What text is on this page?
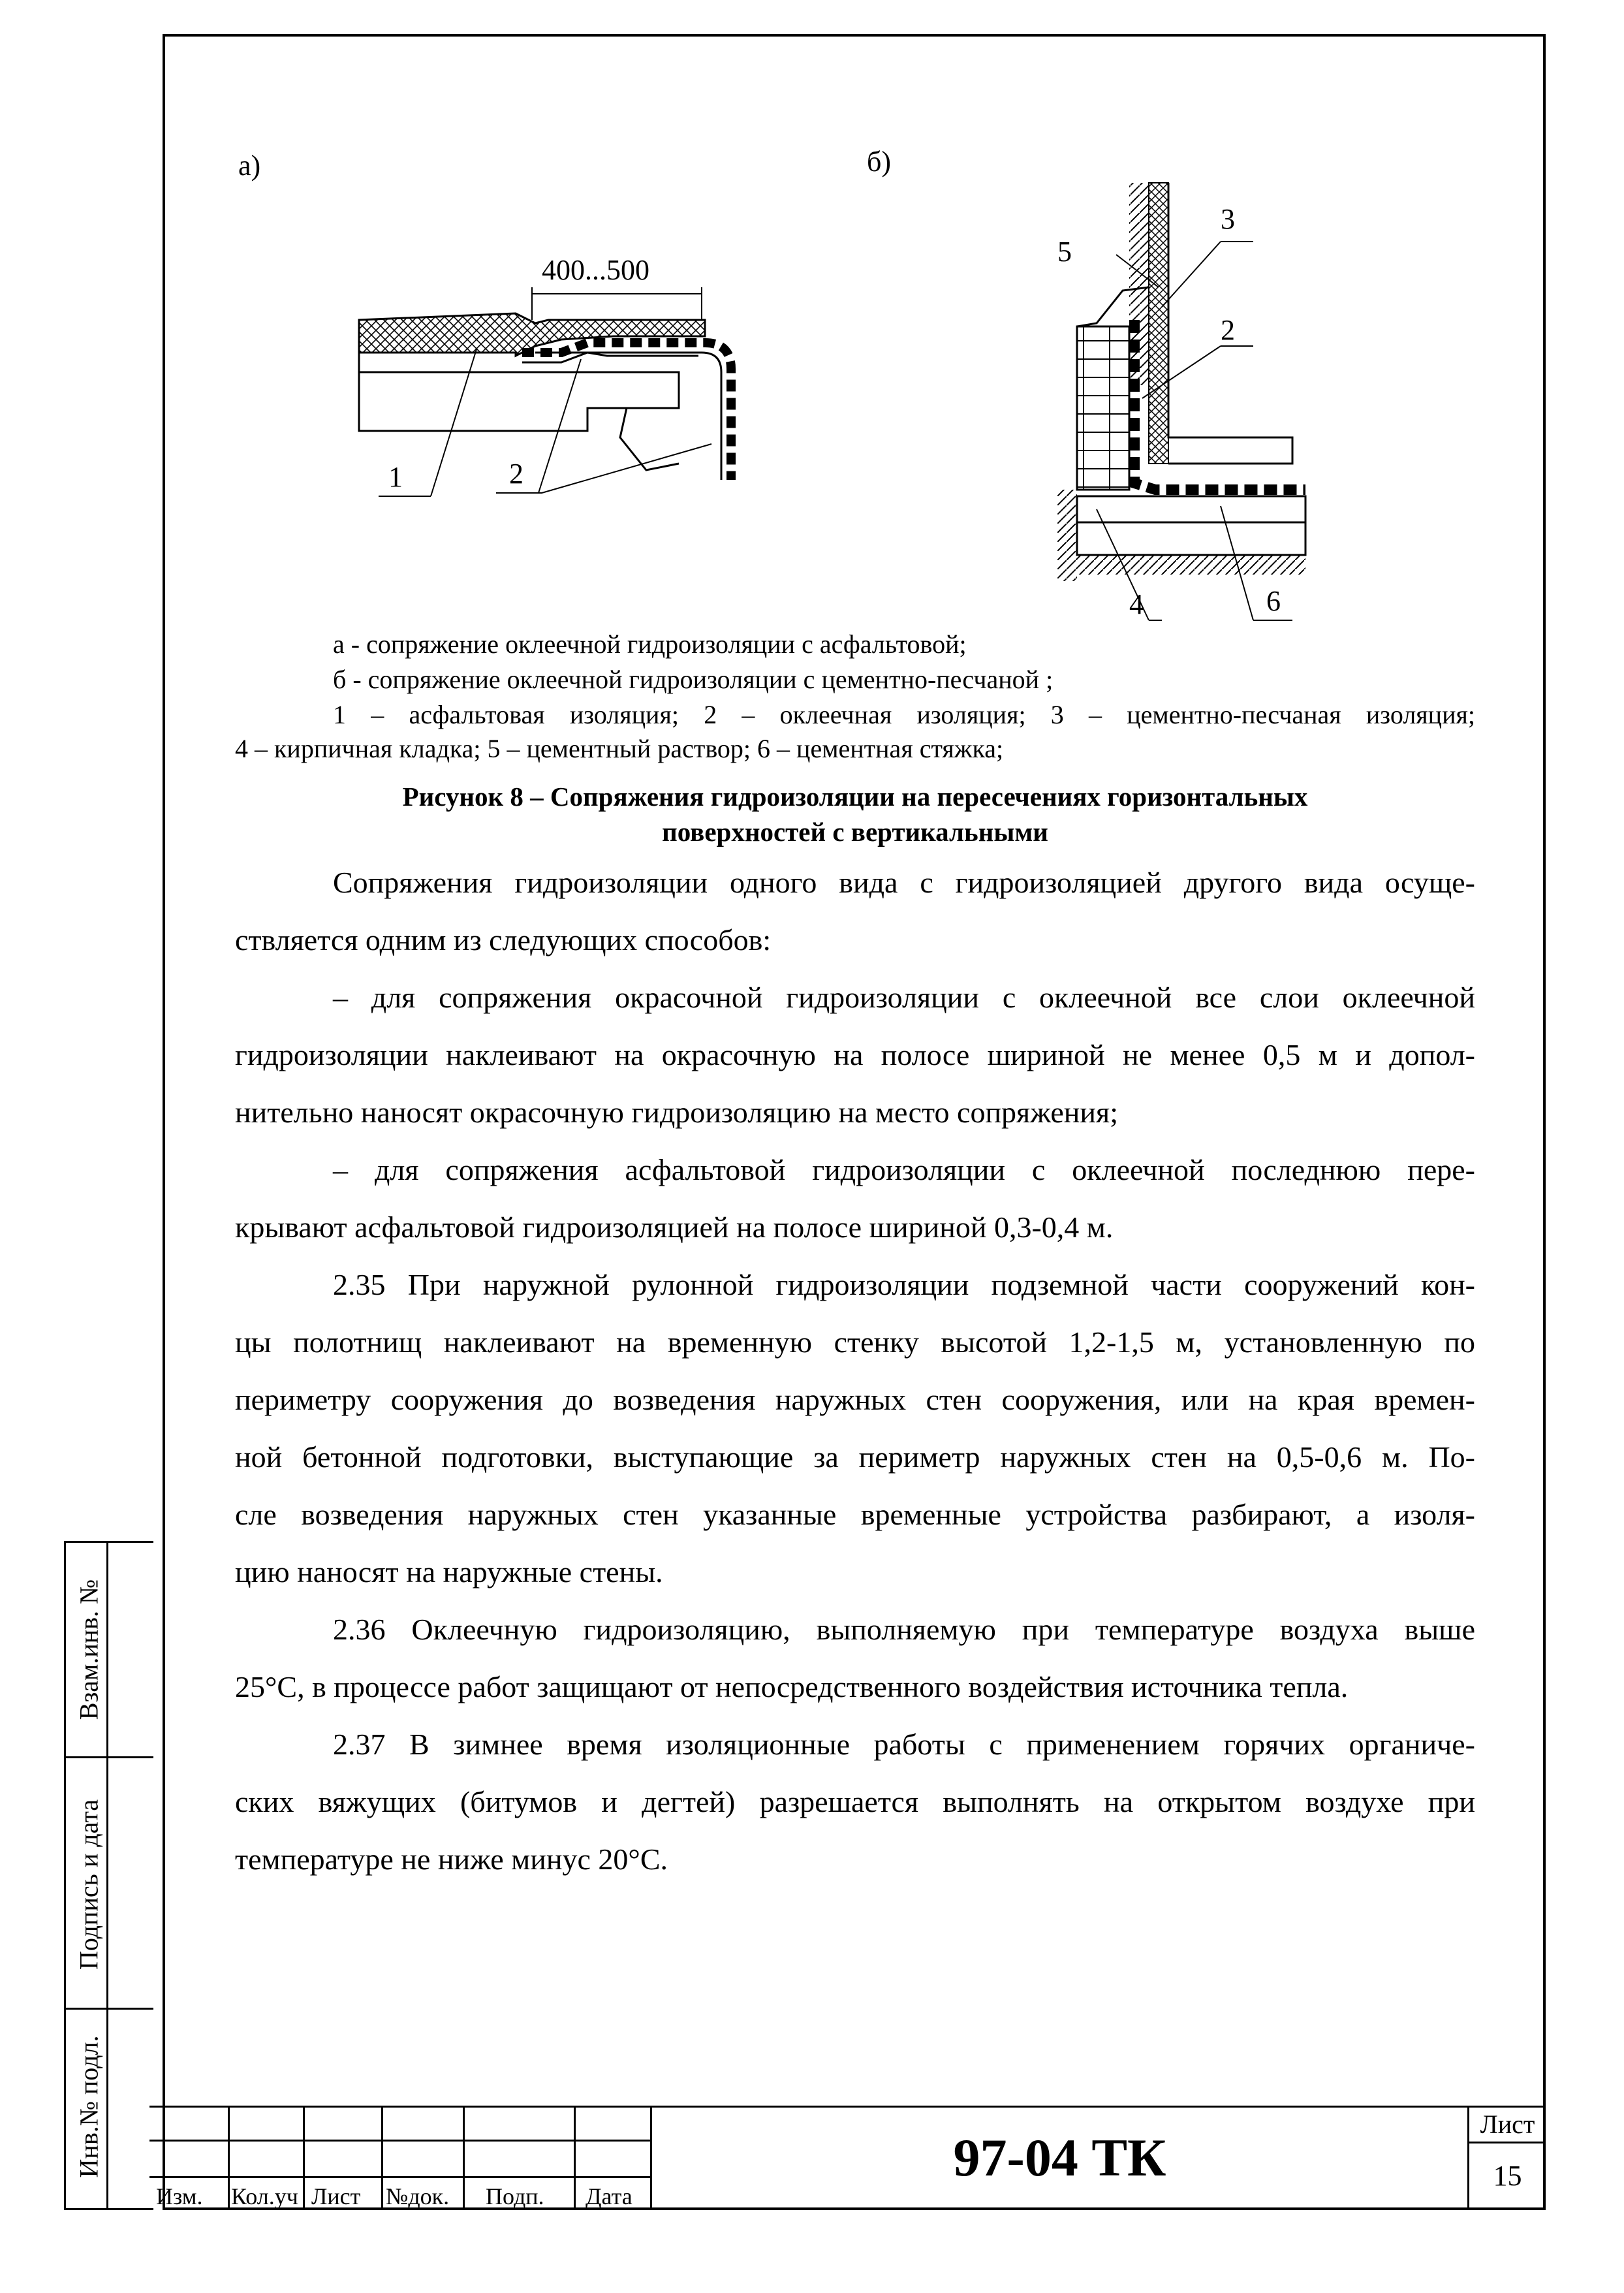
Взам.инв. №
Подпись и дата
Инв.№ подл.
а)	б)
400...500
1	2
3
5
2
4	6
а - сопряжение оклеечной гидроизоляции с асфальтовой;
б - сопряжение оклеечной гидроизоляции с цементно-песчаной ;
1 – асфальтовая изоляция; 2 – оклеечная изоляция; 3 – цементно-песчаная изоляция;
4 – кирпичная кладка; 5 – цементный раствор; 6 – цементная стяжка;
Рисунок 8 – Сопряжения гидроизоляции на пересечениях горизонтальных
поверхностей с вертикальными
Сопряжения гидроизоляции одного вида с гидроизоляцией другого вида осуще-
ствляется одним из следующих способов:
– для сопряжения окрасочной гидроизоляции с оклеечной все слои оклеечной
гидроизоляции наклеивают на окрасочную на полосе шириной не менее 0,5 м и допол-
нительно наносят окрасочную гидроизоляцию на место сопряжения;
– для сопряжения асфальтовой гидроизоляции с оклеечной последнюю пере-
крывают асфальтовой гидроизоляцией на полосе шириной 0,3-0,4 м.
2.35 При наружной рулонной гидроизоляции подземной части сооружений кон-
цы полотнищ наклеивают на временную стенку высотой 1,2-1,5 м, установленную по
периметру сооружения до возведения наружных стен сооружения, или на края времен-
ной бетонной подготовки, выступающие за периметр наружных стен на 0,5-0,6 м. По-
сле возведения наружных стен указанные временные устройства разбирают, а изоля-
цию наносят на наружные стены.
2.36 Оклеечную гидроизоляцию, выполняемую при температуре воздуха выше
25°С, в процессе работ защищают от непосредственного воздействия источника тепла.
2.37 В зимнее время изоляционные работы с применением горячих органиче-
ских вяжущих (битумов и дегтей) разрешается выполнять на открытом воздухе при
температуре не ниже минус 20°С.
Изм. Кол.уч Лист №док. Подп. Дата
97-04 ТК
Лист
15
